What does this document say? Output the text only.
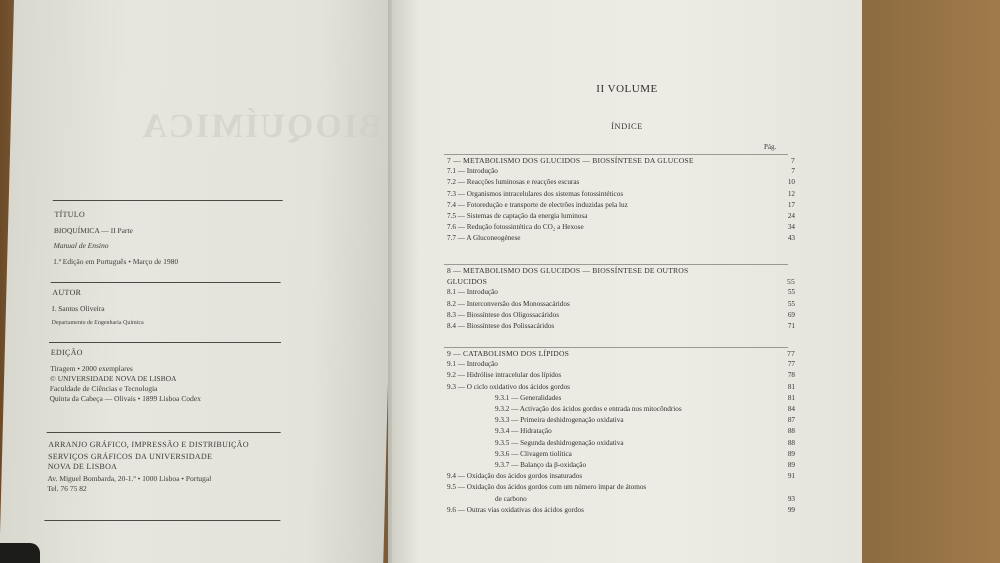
BIOQUÍMICA
TÍTULO
BIOQUÍMICA — II Parte
Manual de Ensino
1.ª Edição em Português • Março de 1980
AUTOR
I. Santos Oliveira
Departamento de Engenharia Química
EDIÇÃO
Tiragem • 2000 exemplares
© UNIVERSIDADE NOVA DE LISBOA
Faculdade de Ciências e Tecnologia
Quinta da Cabeça — Olivais • 1899 Lisboa Codex
ARRANJO GRÁFICO, IMPRESSÃO E DISTRIBUIÇÃO
SERVIÇOS GRÁFICOS DA UNIVERSIDADE
NOVA DE LISBOA
Av. Miguel Bombarda, 20-1.º • 1000 Lisboa • Portugal
Tel. 76 75 82
II VOLUME
ÍNDICE
Pág.
7 — METABOLISMO DOS GLUCIDOS — BIOSSÍNTESE DA GLUCOSE	7
7.1 — Introdução	7
7.2 — Reacções luminosas e reacções escuras	10
7.3 — Organismos intracelulares dos sistemas fotossintéticos	12
7.4 — Fotoredução e transporte de electrões induzidas pela luz	17
7.5 — Sistemas de captação da energia luminosa	24
7.6 — Redução fotossintética do CO₂ a Hexose	34
7.7 — A Gluconeogénese	43
8 — METABOLISMO DOS GLUCIDOS — BIOSSÍNTESE DE OUTROS
GLUCIDOS	55
8.1 — Introdução	55
8.2 — Interconversão dos Monossacáridos	55
8.3 — Biossíntese dos Oligossacáridos	69
8.4 — Biossíntese dos Polissacáridos	71
9 — CATABOLISMO DOS LÍPIDOS	77
9.1 — Introdução	77
9.2 — Hidrólise intracelular dos lípidos	78
9.3 — O ciclo oxidativo dos ácidos gordos	81
9.3.1 — Generalidades	81
9.3.2 — Activação dos ácidos gordos e entrada nos mitocôndrios	84
9.3.3 — Primeira deshidrogenação oxidativa	87
9.3.4 — Hidratação	88
9.3.5 — Segunda deshidrogenação oxidativa	88
9.3.6 — Clivagem tiolítica	89
9.3.7 — Balanço da β-oxidação	89
9.4 — Oxidação dos ácidos gordos insaturados	91
9.5 — Oxidação dos ácidos gordos com um número ímpar de átomos
de carbono	93
9.6 — Outras vias oxidativas dos ácidos gordos	99
